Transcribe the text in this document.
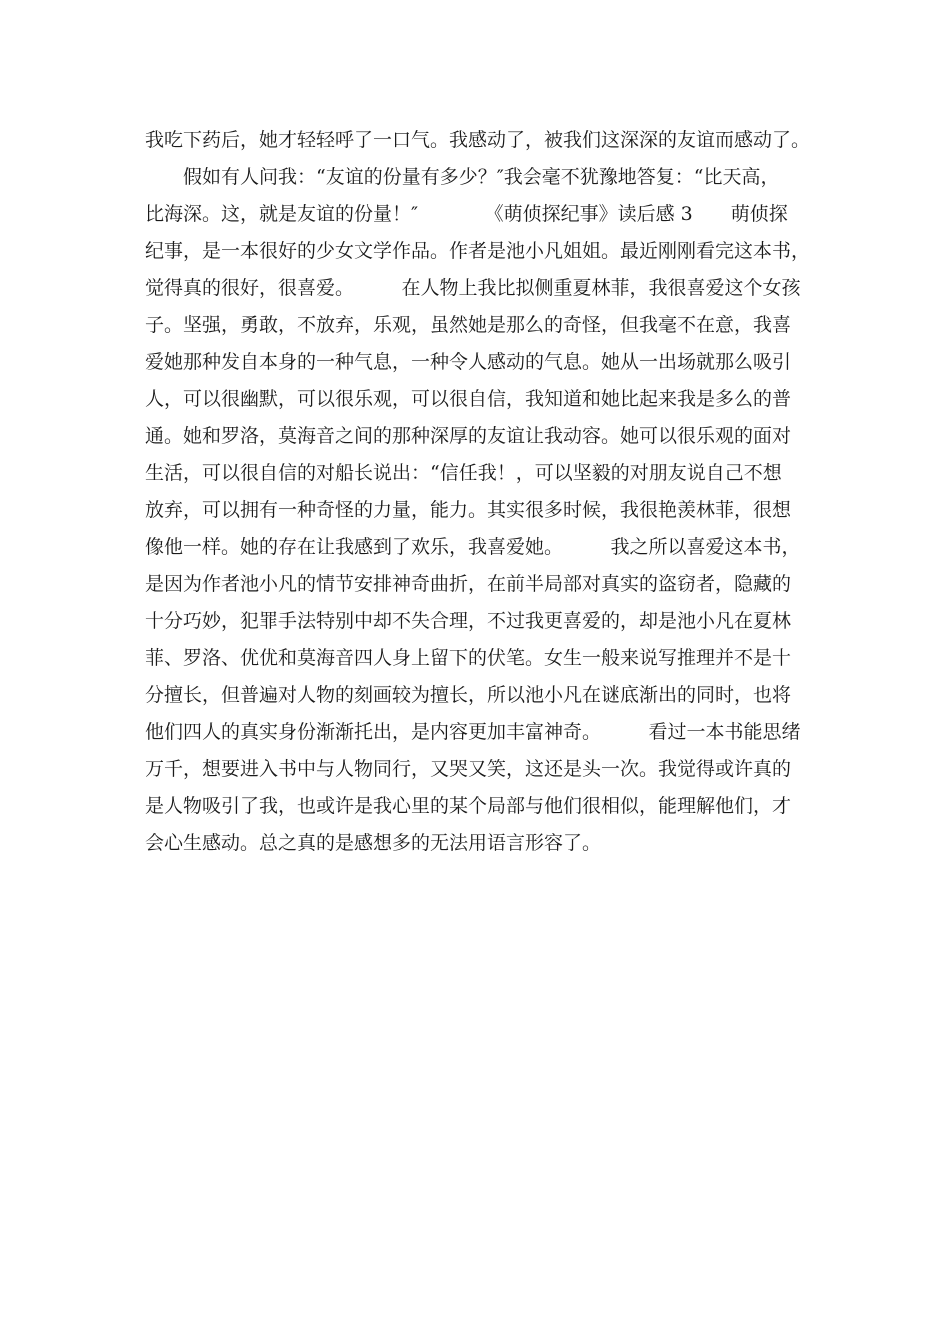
我吃下药后，她才轻轻呼了一口气。我感动了，被我们这深深的友谊而感动了。
　　假如有人问我：“友谊的份量有多少？″我会毫不犹豫地答复：“比天高，
比海深。这，就是友谊的份量！″　　　　《萌侦探纪事》读后感 3　　萌侦探
纪事，是一本很好的少女文学作品。作者是池小凡姐姐。最近刚刚看完这本书，
觉得真的很好，很喜爱。　　　在人物上我比拟侧重夏林菲，我很喜爱这个女孩
子。坚强，勇敢，不放弃，乐观，虽然她是那么的奇怪，但我毫不在意，我喜
爱她那种发自本身的一种气息，一种令人感动的气息。她从一出场就那么吸引
人，可以很幽默，可以很乐观，可以很自信，我知道和她比起来我是多么的普
通。她和罗洛，莫海音之间的那种深厚的友谊让我动容。她可以很乐观的面对
生活，可以很自信的对船长说出：“信任我！，可以坚毅的对朋友说自己不想
放弃，可以拥有一种奇怪的力量，能力。其实很多时候，我很艳羡林菲，很想
像他一样。她的存在让我感到了欢乐，我喜爱她。　　　我之所以喜爱这本书，
是因为作者池小凡的情节安排神奇曲折，在前半局部对真实的盗窃者，隐藏的
十分巧妙，犯罪手法特别中却不失合理，不过我更喜爱的，却是池小凡在夏林
菲、罗洛、优优和莫海音四人身上留下的伏笔。女生一般来说写推理并不是十
分擅长，但普遍对人物的刻画较为擅长，所以池小凡在谜底渐出的同时，也将
他们四人的真实身份渐渐托出，是内容更加丰富神奇。　　　看过一本书能思绪
万千，想要进入书中与人物同行，又哭又笑，这还是头一次。我觉得或许真的
是人物吸引了我，也或许是我心里的某个局部与他们很相似，能理解他们，才
会心生感动。总之真的是感想多的无法用语言形容了。
